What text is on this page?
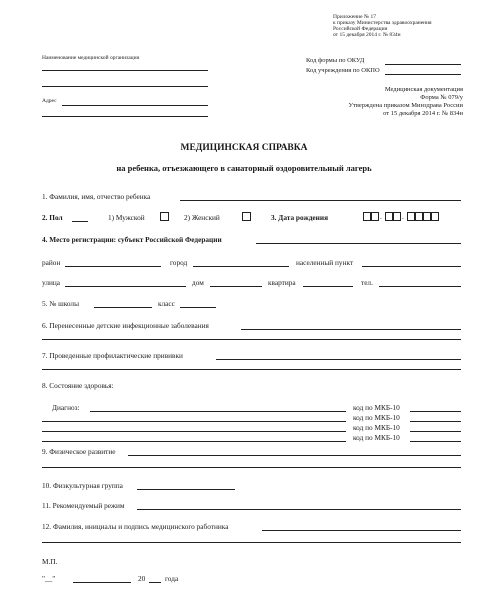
Приложение № 17
к приказу Министерства здравоохранения
Российской Федерации
от 15 декабря 2014 г. № 834н
Наименование медицинской организации
Адрес
Код формы по ОКУД
Код учреждения по ОКПО
Медицинская документация
Форма № 079/у
Утверждена приказом Минздрава России
от 15 декабря 2014 г. № 834н
МЕДИЦИНСКАЯ СПРАВКА
на ребенка, отъезжающего в санаторный оздоровительный лагерь
1. Фамилия, имя, отчество ребенка
2. Пол	1) Мужской	2) Женский	3. Дата рождения	.	.
4. Место регистрации: субъект Российской Федерации
район	город	населенный пункт
улица	дом	квартира	тел.
5. № школы	класс
6. Перенесенные детские инфекционные заболевания
7. Проведенные профилактические прививки
8. Состояние здоровья:
Диагноз:	код по МКБ-10
код по МКБ-10
код по МКБ-10
код по МКБ-10
9. Физическое развитие
10. Физкультурная группа
11. Рекомендуемый режим
12. Фамилия, инициалы и подпись медицинского работника
М.П.
"__"	20	года
